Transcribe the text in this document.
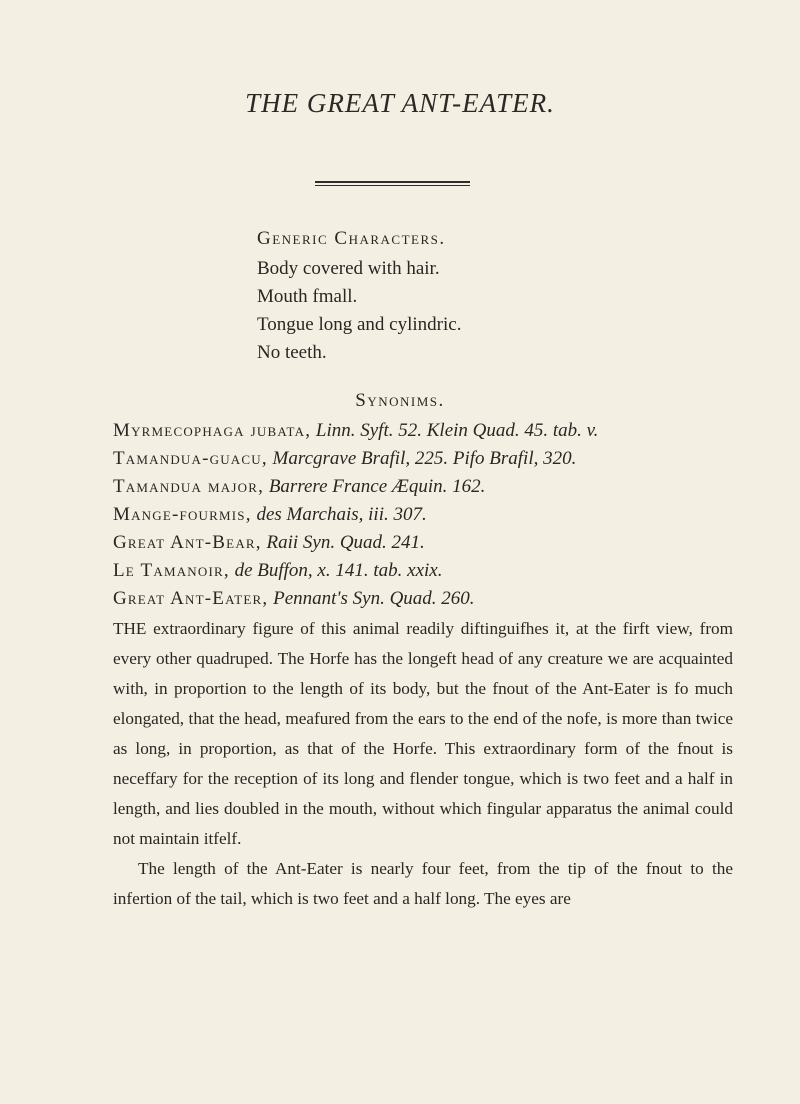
THE GREAT ANT-EATER.
Generic Characters.
Body covered with hair.
Mouth fmall.
Tongue long and cylindric.
No teeth.
Synonims.
Myrmecophaga jubata, Linn. Syft. 52. Klein Quad. 45. tab. v.
Tamandua-guacu, Marcgrave Brafil, 225. Pifo Brafil, 320.
Tamandua major, Barrere France Æquin. 162.
Mange-fourmis, des Marchais, iii. 307.
Great Ant-Bear, Raii Syn. Quad. 241.
Le Tamanoir, de Buffon, x. 141. tab. xxix.
Great Ant-Eater, Pennant's Syn. Quad. 260.

THE extraordinary figure of this animal readily diftinguifhes it, at the firft view, from every other quadruped. The Horfe has the longeft head of any creature we are acquainted with, in proportion to the length of its body, but the fnout of the Ant-Eater is fo much elongated, that the head, meafured from the ears to the end of the nofe, is more than twice as long, in proportion, as that of the Horfe. This extraordinary form of the fnout is neceffary for the reception of its long and flender tongue, which is two feet and a half in length, and lies doubled in the mouth, without which fingular apparatus the animal could not maintain itfelf.

The length of the Ant-Eater is nearly four feet, from the tip of the fnout to the infertion of the tail, which is two feet and a half long. The eyes are
